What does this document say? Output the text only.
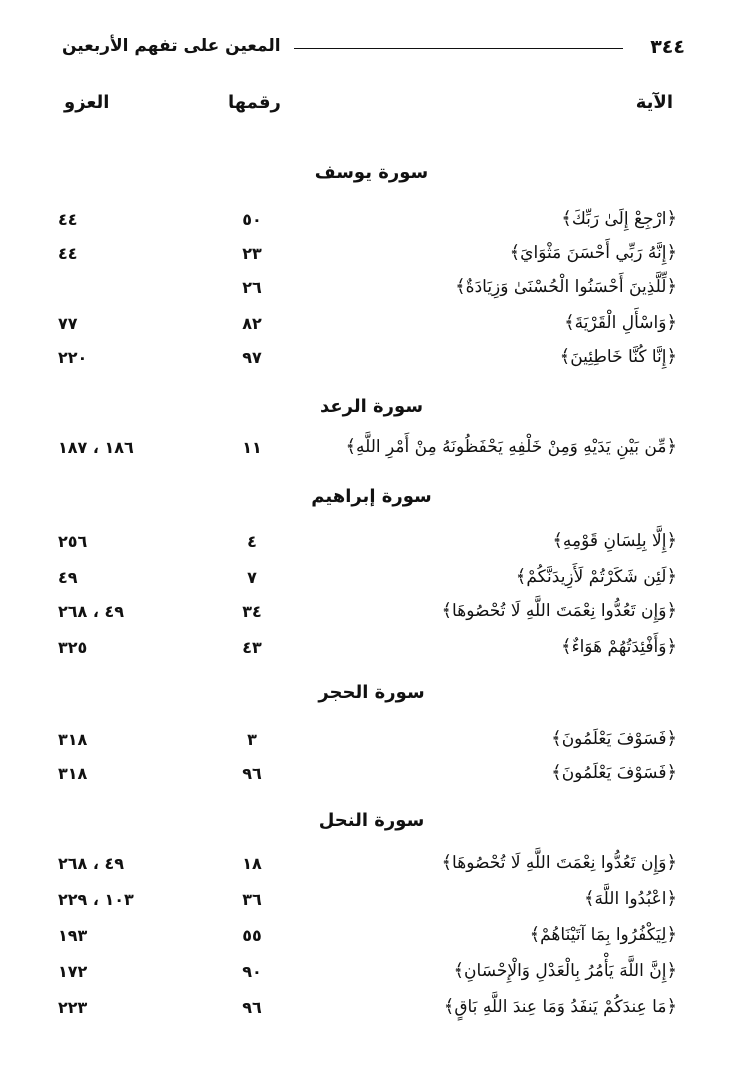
٣٤٤
المعين على تفهم الأربعين
الآية
رقمها
العزو
سورة يوسف
﴿ارْجِعْ إِلَىٰ رَبِّكَ﴾
٥٠
٤٤
﴿إِنَّهُ رَبِّي أَحْسَنَ مَثْوَايَ﴾
٢٣
٤٤
﴿لِّلَّذِينَ أَحْسَنُوا الْحُسْنَىٰ وَزِيَادَةٌ﴾
٢٦
﴿وَاسْأَلِ الْقَرْيَةَ﴾
٨٢
٧٧
﴿إِنَّا كُنَّا خَاطِئِينَ﴾
٩٧
٢٢٠
سورة الرعد
﴿مِّن بَيْنِ يَدَيْهِ وَمِنْ خَلْفِهِ يَحْفَظُونَهُ مِنْ أَمْرِ اللَّهِ﴾
١١
١٨٦ ، ١٨٧
سورة إبراهيم
﴿إِلَّا بِلِسَانِ قَوْمِهِ﴾
٤
٢٥٦
﴿لَئِن شَكَرْتُمْ لَأَزِيدَنَّكُمْ﴾
٧
٤٩
﴿وَإِن تَعُدُّوا نِعْمَتَ اللَّهِ لَا تُحْصُوهَا﴾
٣٤
٤٩ ، ٢٦٨
﴿وَأَفْئِدَتُهُمْ هَوَاءٌ﴾
٤٣
٣٢٥
سورة الحجر
﴿فَسَوْفَ يَعْلَمُونَ﴾
٣
٣١٨
﴿فَسَوْفَ يَعْلَمُونَ﴾
٩٦
٣١٨
سورة النحل
﴿وَإِن تَعُدُّوا نِعْمَتَ اللَّهِ لَا تُحْصُوهَا﴾
١٨
٤٩ ، ٢٦٨
﴿اعْبُدُوا اللَّهَ﴾
٣٦
١٠٣ ، ٢٢٩
﴿لِيَكْفُرُوا بِمَا آتَيْنَاهُمْ﴾
٥٥
١٩٣
﴿إِنَّ اللَّهَ يَأْمُرُ بِالْعَدْلِ وَالْإِحْسَانِ﴾
٩٠
١٧٢
﴿مَا عِندَكُمْ يَنفَدُ وَمَا عِندَ اللَّهِ بَاقٍ﴾
٩٦
٢٢٣
